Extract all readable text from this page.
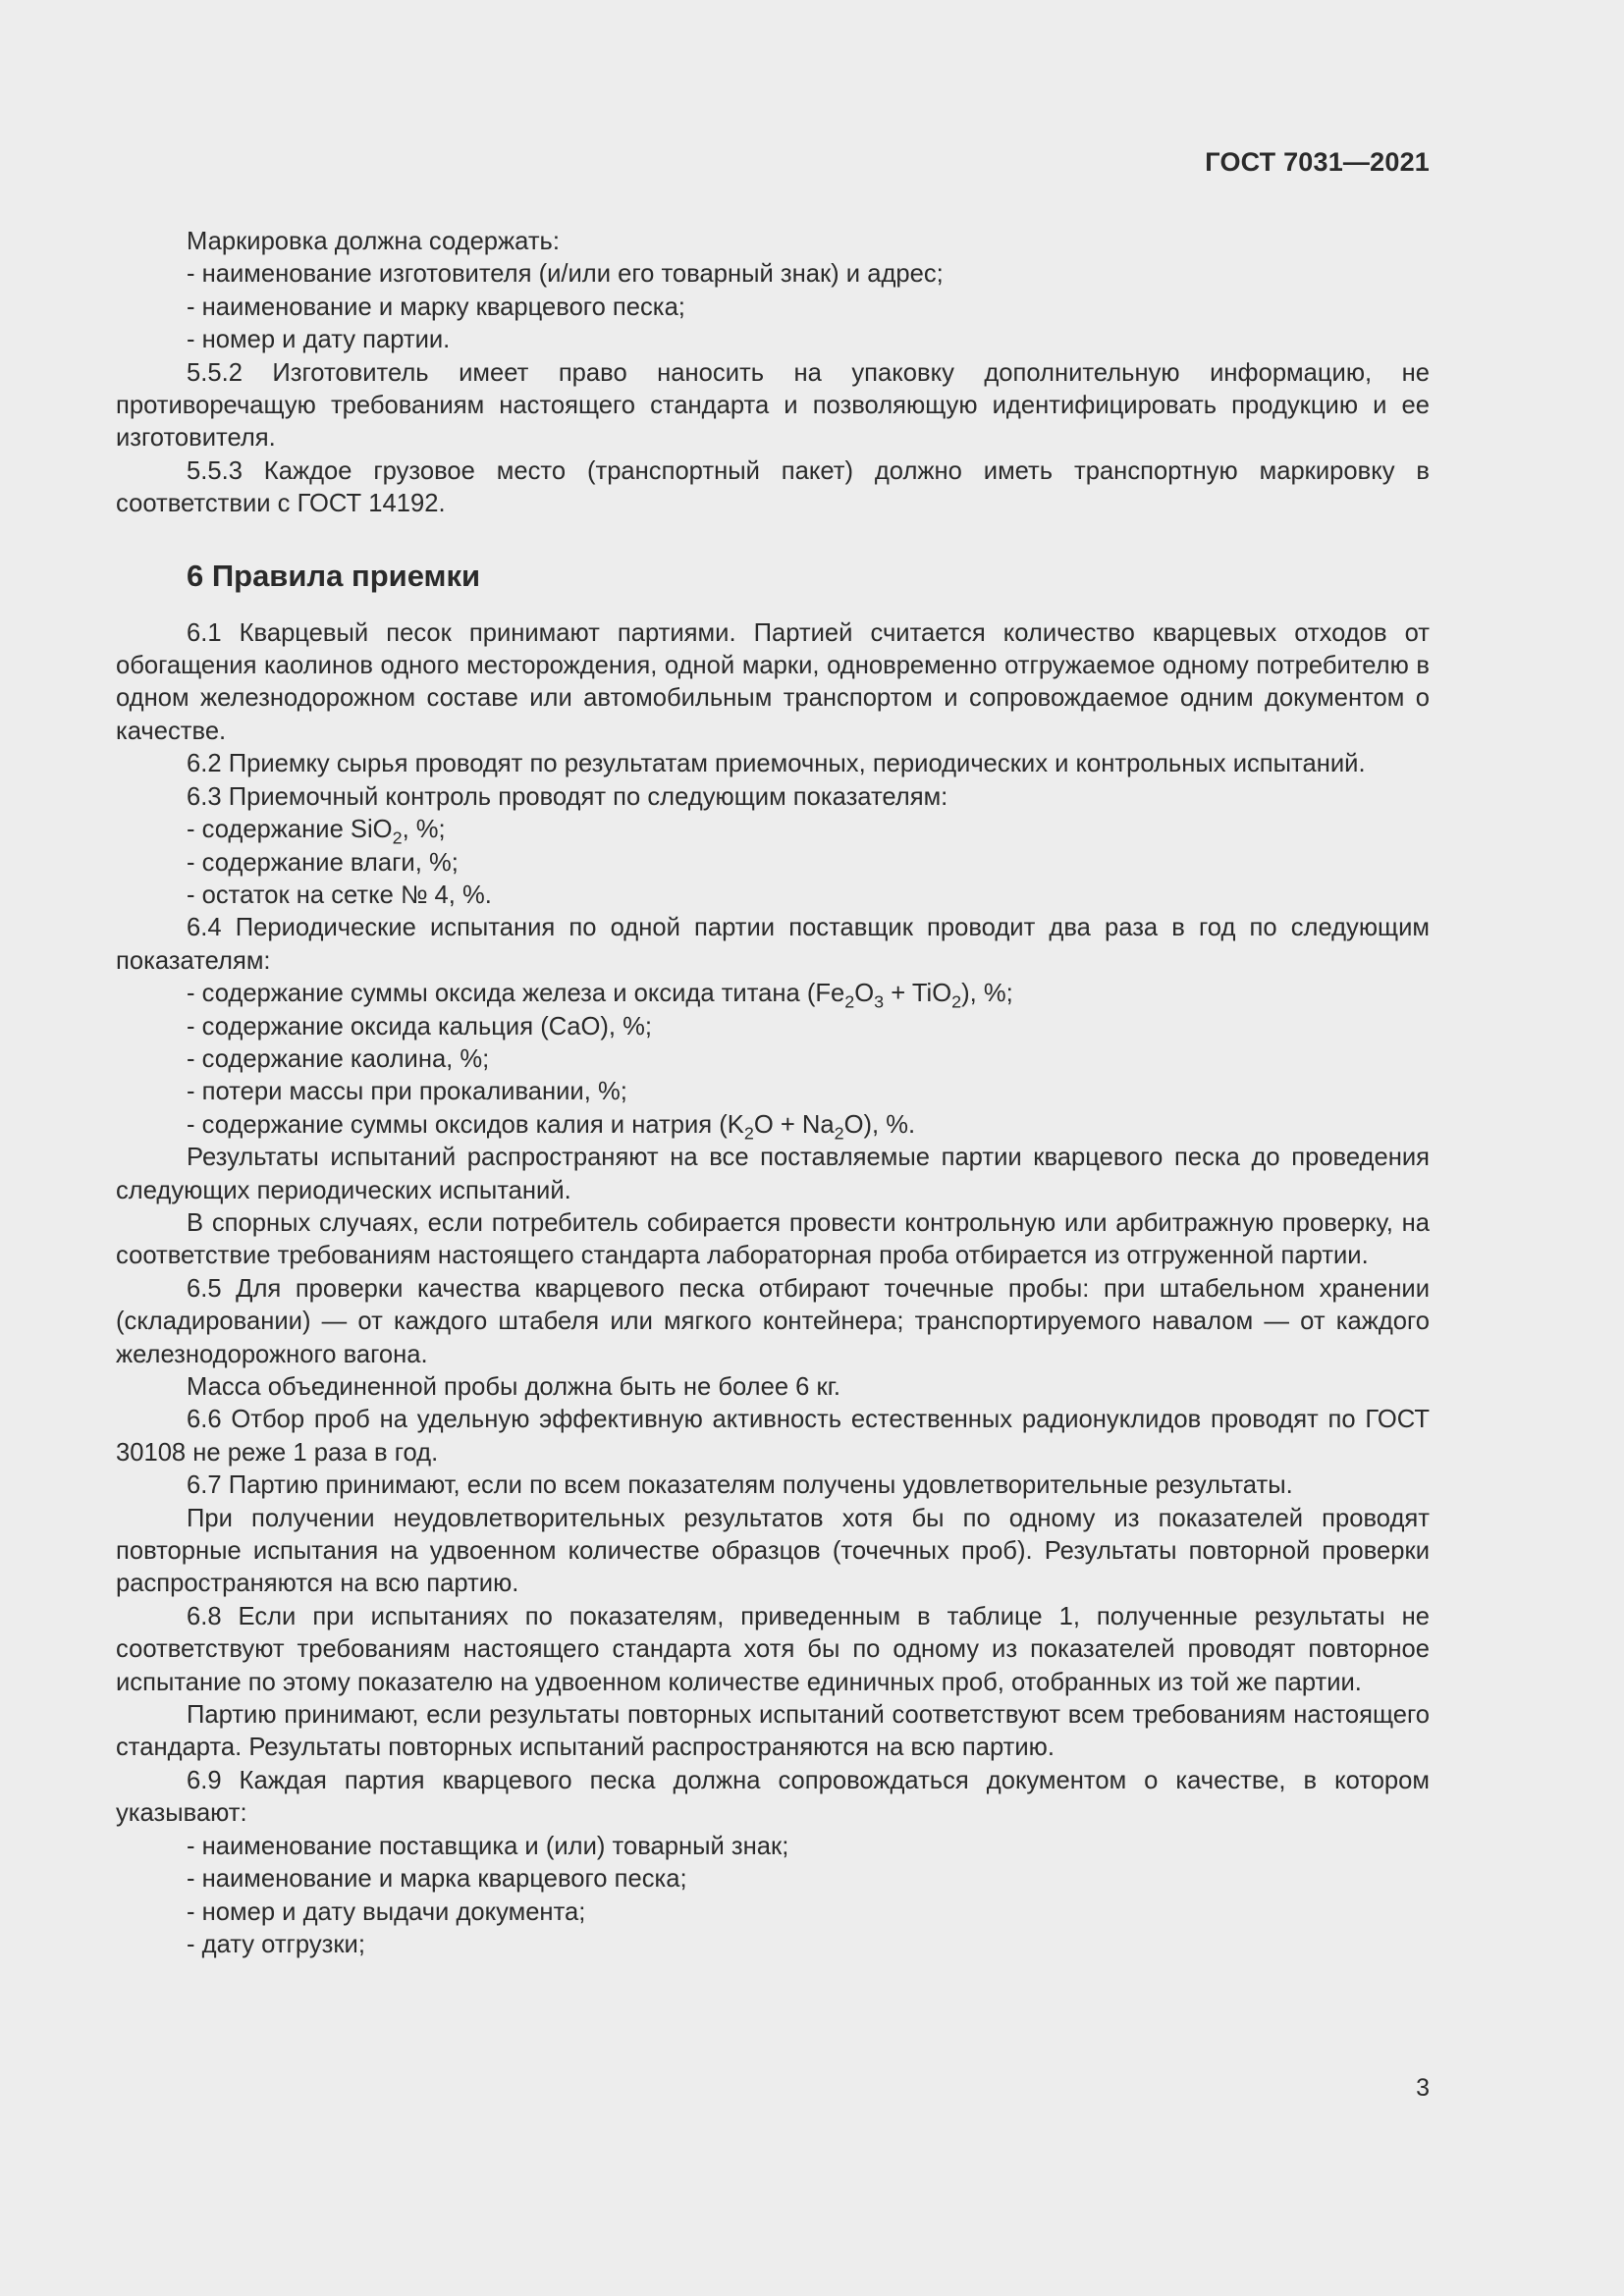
ГОСТ 7031—2021
Маркировка должна содержать:
- наименование изготовителя (и/или его товарный знак) и адрес;
- наименование и марку кварцевого песка;
- номер и дату партии.
5.5.2 Изготовитель имеет право наносить на упаковку дополнительную информацию, не противоречащую требованиям настоящего стандарта и позволяющую идентифицировать продукцию и ее изготовителя.
5.5.3 Каждое грузовое место (транспортный пакет) должно иметь транспортную маркировку в соответствии с ГОСТ 14192.
6 Правила приемки
6.1 Кварцевый песок принимают партиями. Партией считается количество кварцевых отходов от обогащения каолинов одного месторождения, одной марки, одновременно отгружаемое одному потребителю в одном железнодорожном составе или автомобильным транспортом и сопровождаемое одним документом о качестве.
6.2 Приемку сырья проводят по результатам приемочных, периодических и контрольных испытаний.
6.3 Приемочный контроль проводят по следующим показателям:
- содержание SiO$_2$, %;
- содержание влаги, %;
- остаток на сетке № 4, %.
6.4 Периодические испытания по одной партии поставщик проводит два раза в год по следующим показателям:
- содержание суммы оксида железа и оксида титана $(Fe_2O_3 + TiO_2)$, %;
- содержание оксида кальция (CaO), %;
- содержание каолина, %;
- потери массы при прокаливании, %;
- содержание суммы оксидов калия и натрия $(K_2O + Na_2O)$, %.
Результаты испытаний распространяют на все поставляемые партии кварцевого песка до проведения следующих периодических испытаний.
В спорных случаях, если потребитель собирается провести контрольную или арбитражную проверку, на соответствие требованиям настоящего стандарта лабораторная проба отбирается из отгруженной партии.
6.5 Для проверки качества кварцевого песка отбирают точечные пробы: при штабельном хранении (складировании) — от каждого штабеля или мягкого контейнера; транспортируемого навалом — от каждого железнодорожного вагона.
Масса объединенной пробы должна быть не более 6 кг.
6.6 Отбор проб на удельную эффективную активность естественных радионуклидов проводят по ГОСТ 30108 не реже 1 раза в год.
6.7 Партию принимают, если по всем показателям получены удовлетворительные результаты.
При получении неудовлетворительных результатов хотя бы по одному из показателей проводят повторные испытания на удвоенном количестве образцов (точечных проб). Результаты повторной проверки распространяются на всю партию.
6.8 Если при испытаниях по показателям, приведенным в таблице 1, полученные результаты не соответствуют требованиям настоящего стандарта хотя бы по одному из показателей проводят повторное испытание по этому показателю на удвоенном количестве единичных проб, отобранных из той же партии.
Партию принимают, если результаты повторных испытаний соответствуют всем требованиям настоящего стандарта. Результаты повторных испытаний распространяются на всю партию.
6.9 Каждая партия кварцевого песка должна сопровождаться документом о качестве, в котором указывают:
- наименование поставщика и (или) товарный знак;
- наименование и марка кварцевого песка;
- номер и дату выдачи документа;
- дату отгрузки;
3
